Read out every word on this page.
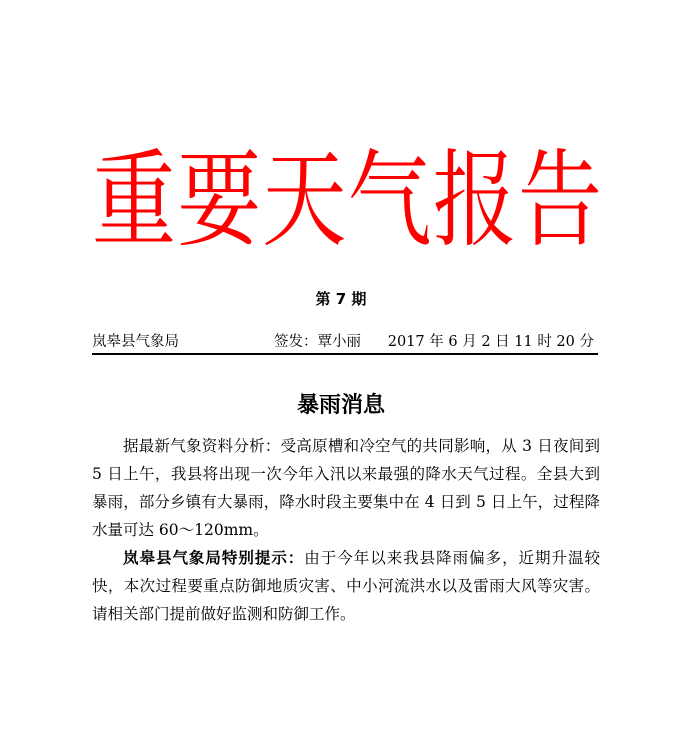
重 要 天 气 报 告
第 7 期
岚皋县气象局	签发：覃小丽 2017 年 6 月 2 日 11 时 20 分
暴雨消息

据最新气象资料分析：受高原槽和冷空气的共同影响，从 3 日夜间到 5 日上午，我县将出现一次今年入汛以来最强的降水天气过程。全县大到暴雨，部分乡镇有大暴雨，降水时段主要集中在 4 日到 5 日上午，过程降水量可达 60～120mm。

岚皋县气象局特别提示：由于今年以来我县降雨偏多，近期升温较快，本次过程要重点防御地质灾害、中小河流洪水以及雷雨大风等灾害。请相关部门提前做好监测和防御工作。
